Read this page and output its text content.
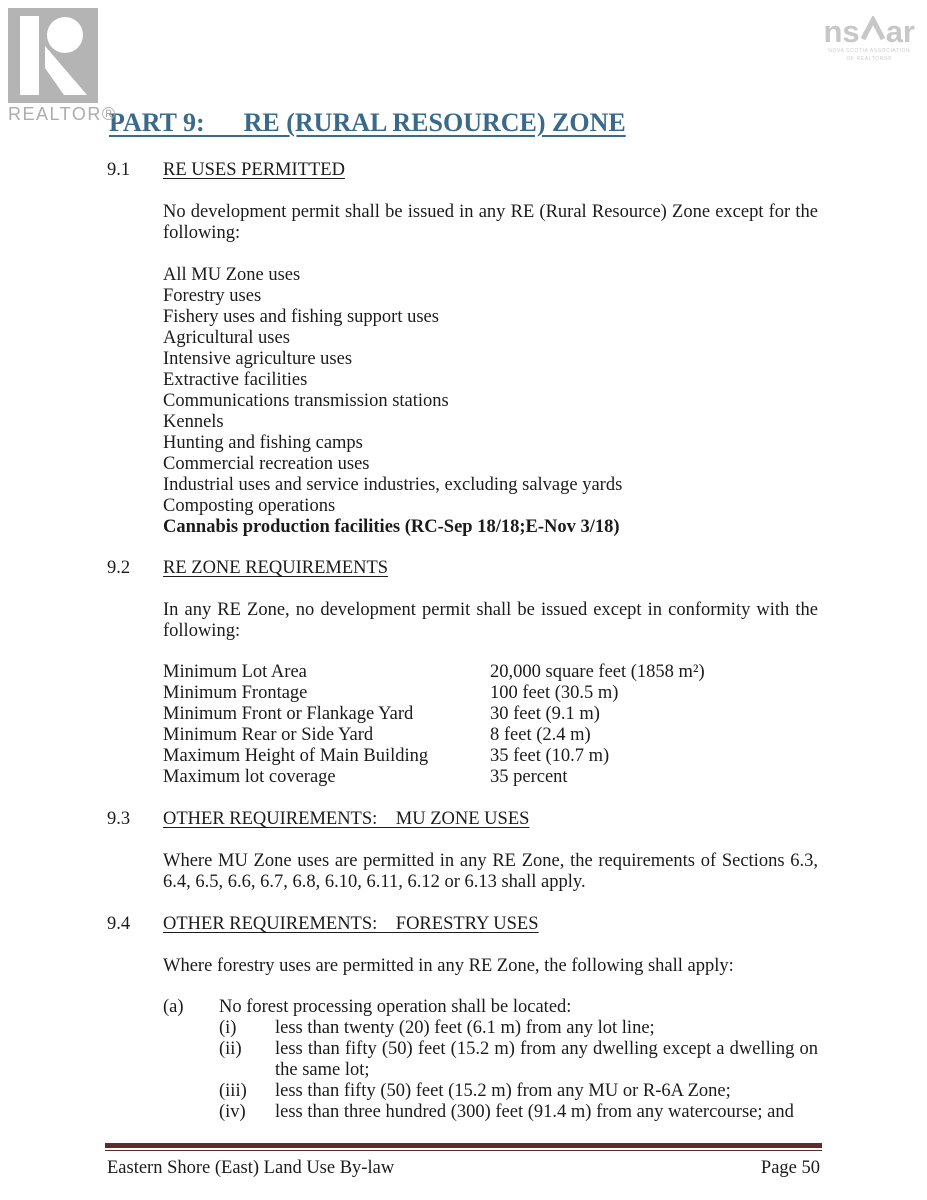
REALTOR®
ns ar
NOVA SCOTIA ASSOCIATION
OF REALTORS®
PART 9:      RE (RURAL RESOURCE) ZONE
9.1	RE USES PERMITTED
No development permit shall be issued in any RE (Rural Resource) Zone except for the following:
All MU Zone uses
Forestry uses
Fishery uses and fishing support uses
Agricultural uses
Intensive agriculture uses
Extractive facilities
Communications transmission stations
Kennels
Hunting and fishing camps
Commercial recreation uses
Industrial uses and service industries, excluding salvage yards
Composting operations
Cannabis production facilities (RC-Sep 18/18;E-Nov 3/18)
9.2	RE ZONE REQUIREMENTS
In any RE Zone, no development permit shall be issued except in conformity with the following:
Minimum Lot Area	20,000 square feet (1858 m²)
Minimum Frontage	100 feet (30.5 m)
Minimum Front or Flankage Yard	30 feet (9.1 m)
Minimum Rear or Side Yard	8 feet (2.4 m)
Maximum Height of Main Building	35 feet (10.7 m)
Maximum lot coverage	35 percent
9.3	OTHER REQUIREMENTS:    MU ZONE USES
Where MU Zone uses are permitted in any RE Zone, the requirements of Sections 6.3, 6.4, 6.5, 6.6, 6.7, 6.8, 6.10, 6.11, 6.12 or 6.13 shall apply.
9.4	OTHER REQUIREMENTS:    FORESTRY USES
Where forestry uses are permitted in any RE Zone, the following shall apply:
(a)	No forest processing operation shall be located:
(i)	less than twenty (20) feet (6.1 m) from any lot line;
(ii)	less than fifty (50) feet (15.2 m) from any dwelling except a dwelling on the same lot;
(iii)	less than fifty (50) feet (15.2 m) from any MU or R-6A Zone;
(iv)	less than three hundred (300) feet (91.4 m) from any watercourse; and
Eastern Shore (East) Land Use By-law	Page 50
